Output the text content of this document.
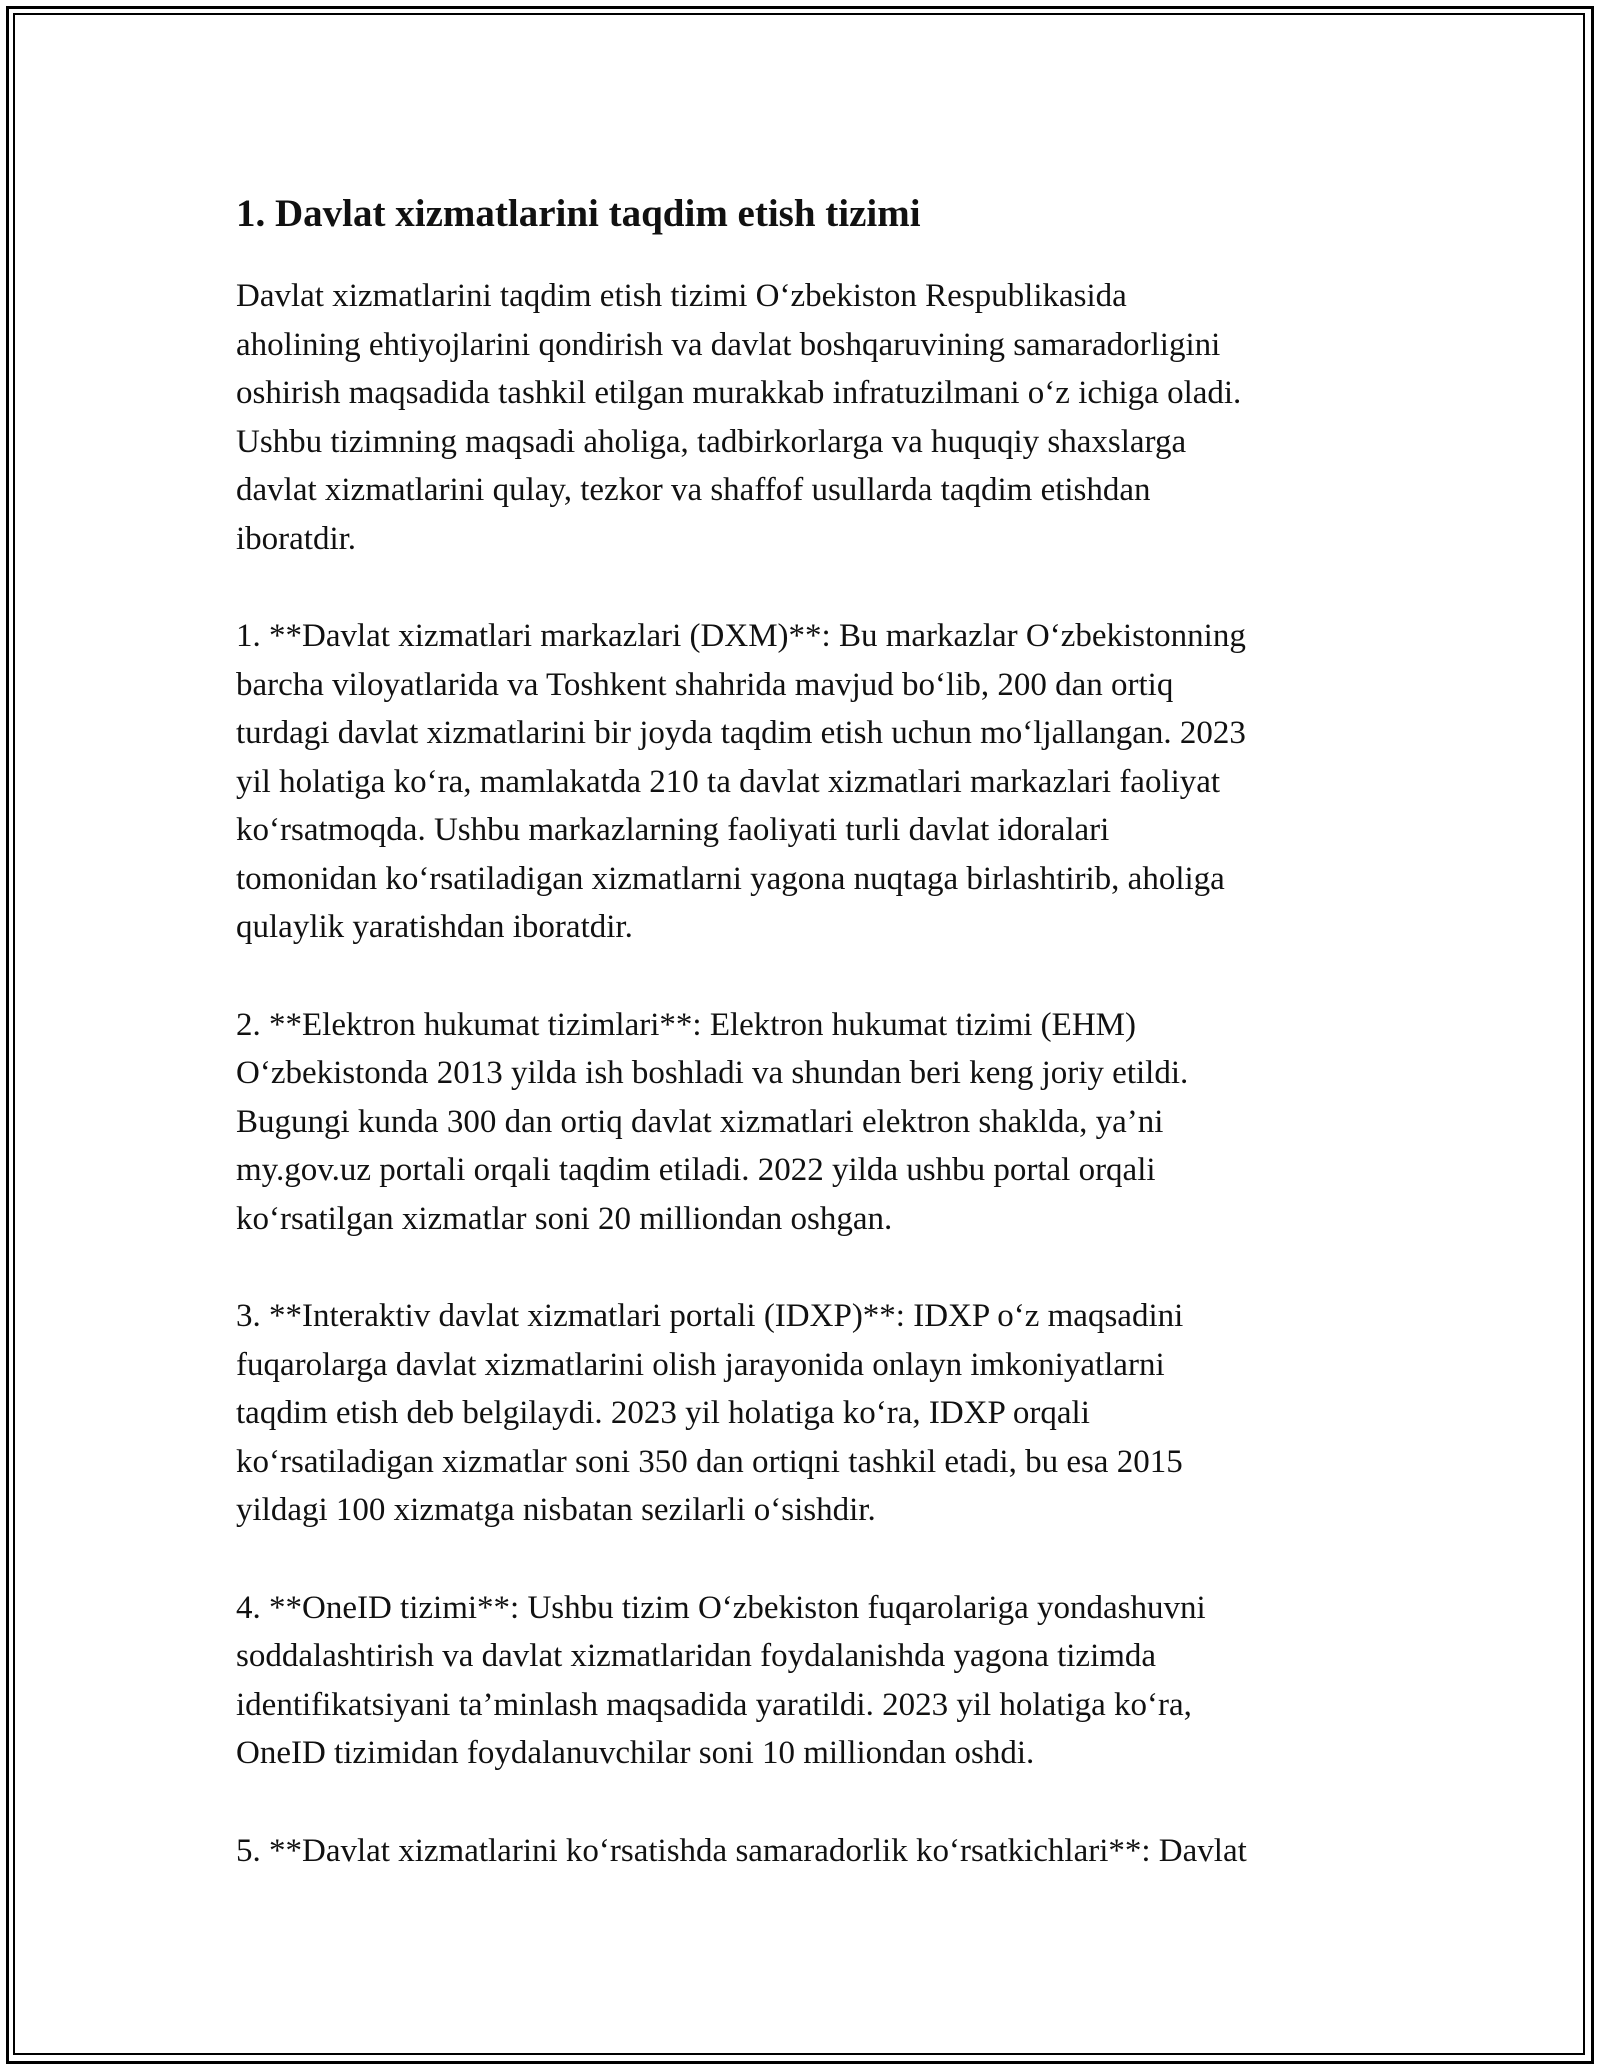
1. Davlat xizmatlarini taqdim etish tizimi

Davlat xizmatlarini taqdim etish tizimi O‘zbekiston Respublikasida
aholining ehtiyojlarini qondirish va davlat boshqaruvining samaradorligini
oshirish maqsadida tashkil etilgan murakkab infratuzilmani o‘z ichiga oladi.
Ushbu tizimning maqsadi aholiga, tadbirkorlarga va huquqiy shaxslarga
davlat xizmatlarini qulay, tezkor va shaffof usullarda taqdim etishdan
iboratdir.

1. **Davlat xizmatlari markazlari (DXM)**: Bu markazlar O‘zbekistonning
barcha viloyatlarida va Toshkent shahrida mavjud bo‘lib, 200 dan ortiq
turdagi davlat xizmatlarini bir joyda taqdim etish uchun mo‘ljallangan. 2023
yil holatiga ko‘ra, mamlakatda 210 ta davlat xizmatlari markazlari faoliyat
ko‘rsatmoqda. Ushbu markazlarning faoliyati turli davlat idoralari
tomonidan ko‘rsatiladigan xizmatlarni yagona nuqtaga birlashtirib, aholiga
qulaylik yaratishdan iboratdir.

2. **Elektron hukumat tizimlari**: Elektron hukumat tizimi (EHM)
O‘zbekistonda 2013 yilda ish boshladi va shundan beri keng joriy etildi.
Bugungi kunda 300 dan ortiq davlat xizmatlari elektron shaklda, ya’ni
my.gov.uz portali orqali taqdim etiladi. 2022 yilda ushbu portal orqali
ko‘rsatilgan xizmatlar soni 20 milliondan oshgan.

3. **Interaktiv davlat xizmatlari portali (IDXP)**: IDXP o‘z maqsadini
fuqarolarga davlat xizmatlarini olish jarayonida onlayn imkoniyatlarni
taqdim etish deb belgilaydi. 2023 yil holatiga ko‘ra, IDXP orqali
ko‘rsatiladigan xizmatlar soni 350 dan ortiqni tashkil etadi, bu esa 2015
yildagi 100 xizmatga nisbatan sezilarli o‘sishdir.

4. **OneID tizimi**: Ushbu tizim O‘zbekiston fuqarolariga yondashuvni
soddalashtirish va davlat xizmatlaridan foydalanishda yagona tizimda
identifikatsiyani ta’minlash maqsadida yaratildi. 2023 yil holatiga ko‘ra,
OneID tizimidan foydalanuvchilar soni 10 milliondan oshdi.

5. **Davlat xizmatlarini ko‘rsatishda samaradorlik ko‘rsatkichlari**: Davlat
